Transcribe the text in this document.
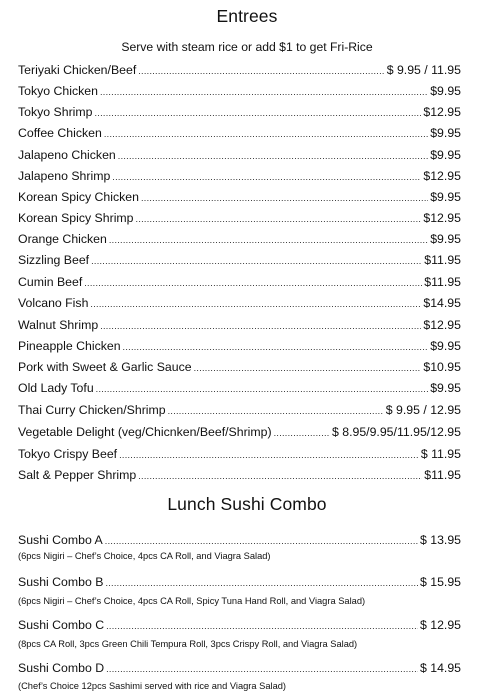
Entrees
Serve with steam rice or add $1 to get Fri-Rice
Teriyaki Chicken/Beef .....	$ 9.95 / 11.95
Tokyo Chicken .....	$9.95
Tokyo Shrimp .....	$12.95
Coffee Chicken .....	$9.95
Jalapeno Chicken .....	$9.95
Jalapeno Shrimp .....	$12.95
Korean Spicy Chicken .....	$9.95
Korean Spicy Shrimp .....	$12.95
Orange Chicken .....	$9.95
Sizzling Beef .....	$11.95
Cumin Beef .....	$11.95
Volcano Fish .....	$14.95
Walnut Shrimp .....	$12.95
Pineapple Chicken .....	$9.95
Pork with Sweet & Garlic Sauce .....	$10.95
Old Lady Tofu .....	$9.95
Thai Curry Chicken/Shrimp .....	$ 9.95 / 12.95
Vegetable Delight (veg/Chicnken/Beef/Shrimp) .....	$ 8.95/9.95/11.95/12.95
Tokyo Crispy Beef .....	$ 11.95
Salt & Pepper Shrimp .....	$11.95
Lunch Sushi Combo
Sushi Combo A .....	$ 13.95
(6pcs Nigiri – Chef’s Choice, 4pcs CA Roll, and Viagra Salad)
Sushi Combo B .....	$ 15.95
(6pcs Nigiri – Chef’s Choice, 4pcs CA Roll, Spicy Tuna Hand Roll, and Viagra Salad)
Sushi Combo C .....	$ 12.95
(8pcs CA Roll, 3pcs Green Chili Tempura Roll, 3pcs Crispy Roll, and Viagra Salad)
Sushi Combo D .....	$ 14.95
(Chef’s Choice 12pcs Sashimi served with rice and Viagra Salad)
